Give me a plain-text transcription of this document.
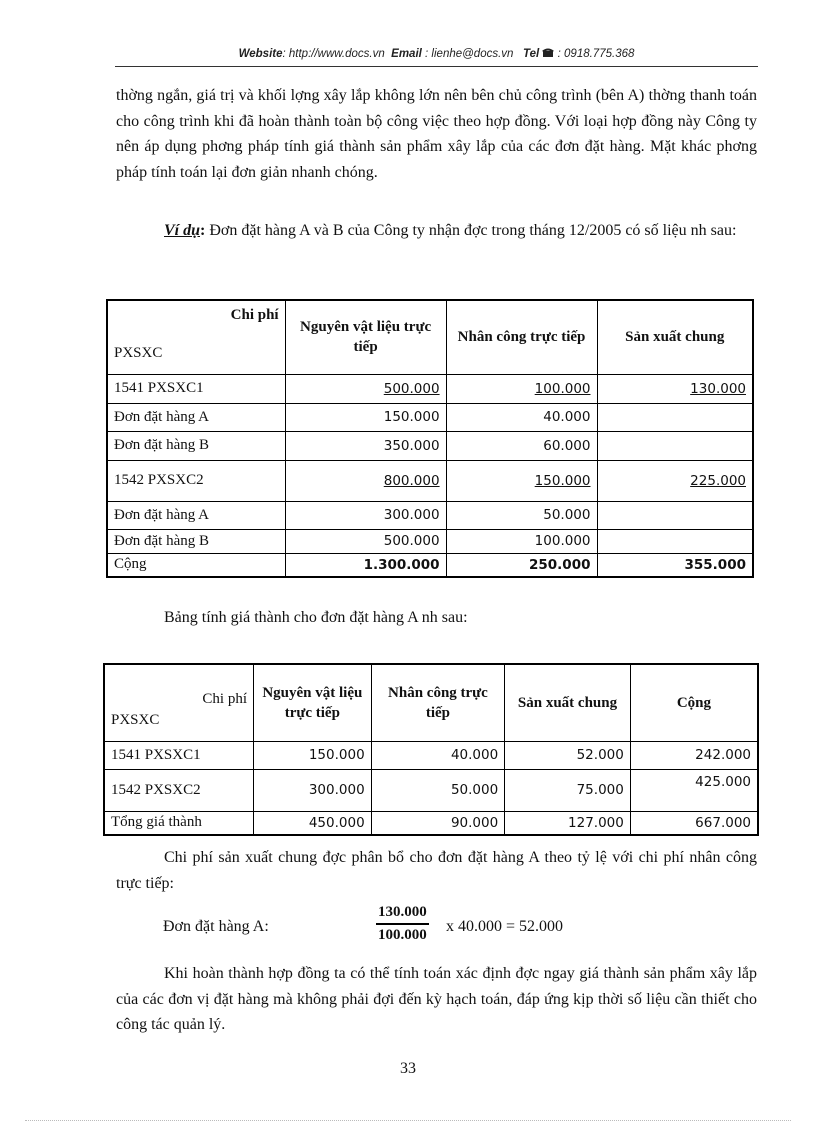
Website: http://www.docs.vn Email : lienhe@docs.vn Tel : 0918.775.368

thờng ngắn, giá trị và khối lợng xây lắp không lớn nên bên chủ công trình (bên A) thờng thanh toán cho công trình khi đã hoàn thành toàn bộ công việc theo hợp đồng. Với loại hợp đồng này Công ty nên áp dụng phơng pháp tính giá thành sản phẩm xây lắp của các đơn đặt hàng. Mặt khác phơng pháp tính toán lại đơn giản nhanh chóng.

Ví dụ: Đơn đặt hàng A và B của Công ty nhận đợc trong tháng 12/2005 có số liệu nh sau:

Chi phí
PXSXC	Nguyên vật liệu trực tiếp	Nhân công trực tiếp	Sản xuất chung
1541 PXSXC1	500.000	100.000	130.000
Đơn đặt hàng A	150.000	40.000	
Đơn đặt hàng B	350.000	60.000	
1542 PXSXC2	800.000	150.000	225.000
Đơn đặt hàng A	300.000	50.000	
Đơn đặt hàng B	500.000	100.000	
Cộng	1.300.000	250.000	355.000

Bảng tính giá thành cho đơn đặt hàng A nh sau:

Chi phí
PXSXC	Nguyên vật liệu trực tiếp	Nhân công trực tiếp	Sản xuất chung	Cộng
1541 PXSXC1	150.000	40.000	52.000	242.000
1542 PXSXC2	300.000	50.000	75.000	425.000
Tổng giá thành	450.000	90.000	127.000	667.000

Chi phí sản xuất chung đợc phân bổ cho đơn đặt hàng A theo tỷ lệ với chi phí nhân công trực tiếp:

Đơn đặt hàng A:	$\frac{130.000}{100.000}$ x 40.000 = 52.000

Khi hoàn thành hợp đồng ta có thể tính toán xác định đợc ngay giá thành sản phẩm xây lắp của các đơn vị đặt hàng mà không phải đợi đến kỳ hạch toán, đáp ứng kịp thời số liệu cần thiết cho công tác quản lý.

33
